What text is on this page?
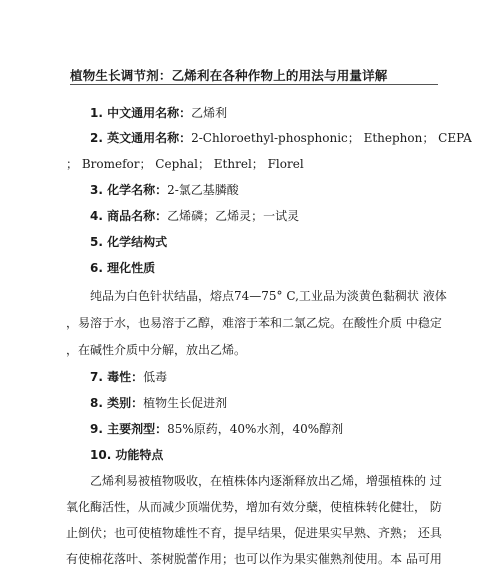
植物生长调节剂：乙烯利在各种作物上的用法与用量详解
1. 中文通用名称：乙烯利
2. 英文通用名称：2-Chloroethyl-phosphonic； Ethephon； CEPA
； Bromefor； Cephal； Ethrel； Florel
3. 化学名称：2-氯乙基膦酸
4. 商品名称：乙烯磷；乙烯灵；一试灵
5. 化学结构式
6. 理化性质
纯品为白色针状结晶，熔点74—75° C,工业品为淡黄色黏稠状 液体
，易溶于水，也易溶于乙醇，难溶于苯和二氯乙烷。在酸性介质 中稳定
，在碱性介质中分解，放出乙烯。
7. 毒性：低毒
8. 类别：植物生长促进剂
9. 主要剂型：85%原药，40%水剂，40%醇剂
10. 功能特点
乙烯利易被植物吸收，在植株体内逐渐释放出乙烯，增强植株的 过
氧化酶活性，从而减少顶端优势，增加有效分蘖，使植株转化健壮， 防
止倒伏；也可使植物雄性不育，提早结果，促进果实早熟、齐熟； 还具
有使棉花落叶、茶树脱蕾作用；也可以作为果实催熟剂使用。本 品可用
